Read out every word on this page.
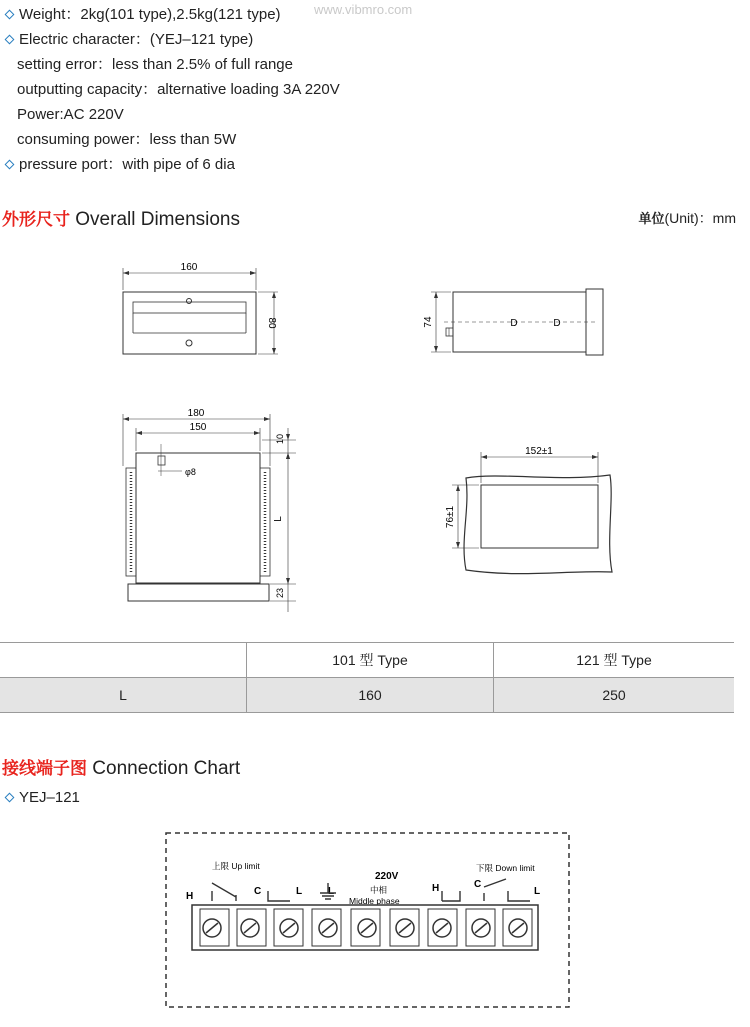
www.vibmro.com
Weight：2kg(101 type),2.5kg(121 type)
Electric character：(YEJ–121 type)
setting error：less than 2.5% of full range
outputting capacity：alternative loading 3A 220V
Power:AC 220V
consuming power：less than 5W
pressure port：with pipe of 6 dia
外形尺寸 Overall Dimensions	单位(Unit)：mm
160
80	74	D	D
φ8
180
150
10
L
23
152±1
76±1
	101 型 Type	121 型 Type
L	160	250
接线端子图 Connection Chart
YEJ–121
上限 Up limit	下限 Down limit
220V
中相
Middle phase
H	C	L	L	H	C
L
